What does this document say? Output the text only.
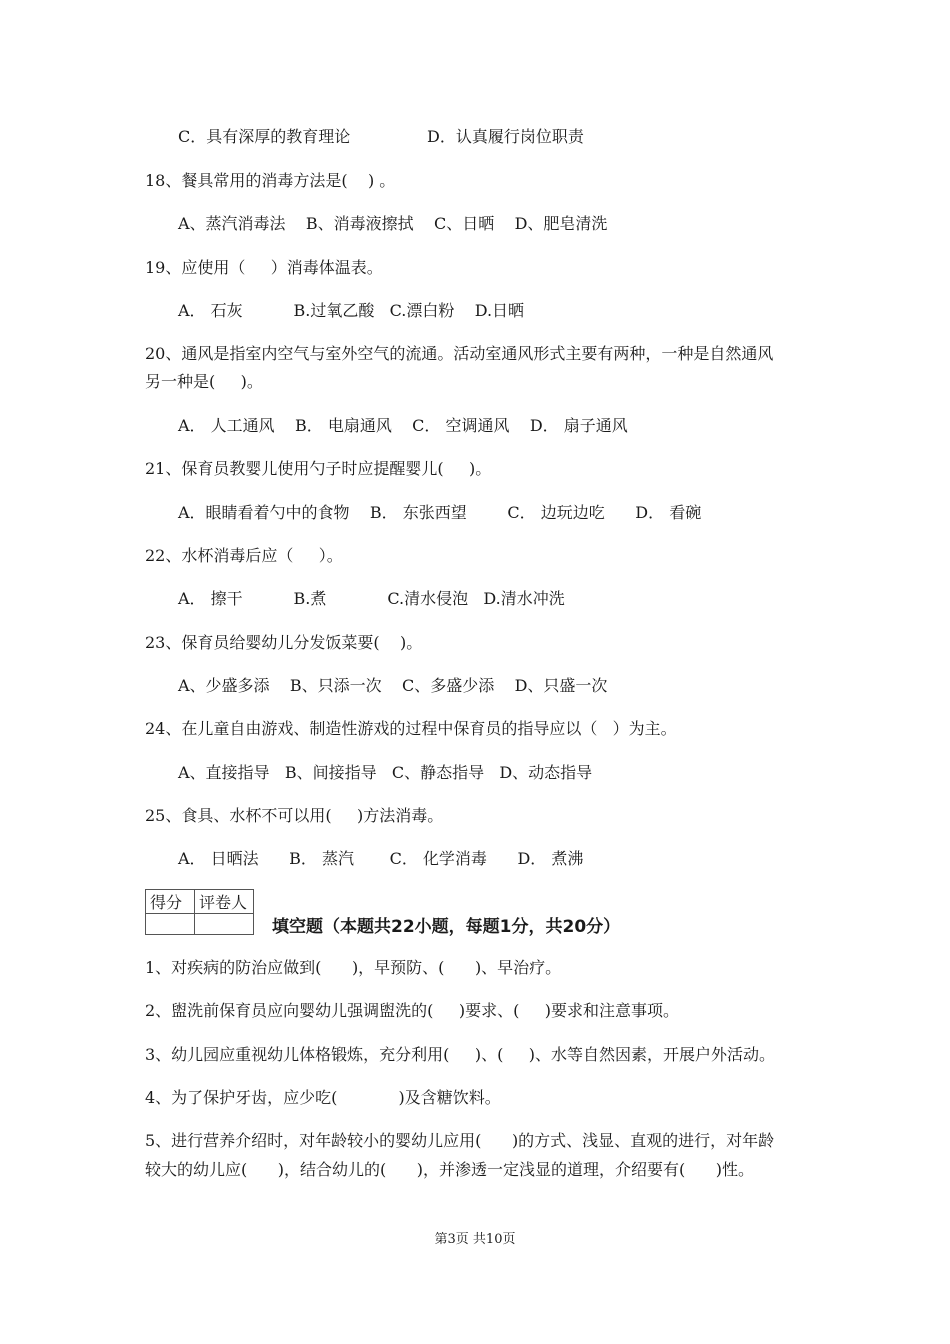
C．具有深厚的教育理论	D．认真履行岗位职责
18、餐具常用的消毒方法是(    ) 。
A、蒸汽消毒法    B、消毒液擦拭    C、日晒    D、肥皂清洗
19、应使用（     ）消毒体温表。
A． 石灰          B.过氧乙酸   C.漂白粉    D.日晒
20、通风是指室内空气与室外空气的流通。活动室通风形式主要有两种，一种是自然通风
另一种是(     )。
A． 人工通风    B． 电扇通风    C． 空调通风    D． 扇子通风
21、保育员教婴儿使用勺子时应提醒婴儿(     )。
A．眼睛看着勺中的食物    B． 东张西望        C． 边玩边吃      D． 看碗
22、水杯消毒后应（     ）。
A． 擦干          B.煮            C.清水侵泡   D.清水冲洗
23、保育员给婴幼儿分发饭菜要(    )。
A、少盛多添    B、只添一次    C、多盛少添    D、只盛一次
24、在儿童自由游戏、制造性游戏的过程中保育员的指导应以（   ）为主。
A、直接指导   B、间接指导   C、静态指导   D、动态指导
25、食具、水杯不可以用(     )方法消毒。
A． 日晒法      B． 蒸汽       C． 化学消毒      D． 煮沸
得分	评卷人

填空题（本题共22小题，每题1分，共20分）
1、对疾病的防治应做到(      )，早预防、(      )、早治疗。
2、盥洗前保育员应向婴幼儿强调盥洗的(     )要求、(     )要求和注意事项。
3、幼儿园应重视幼儿体格锻炼，充分利用(     )、(     )、水等自然因素，开展户外活动。
4、为了保护牙齿，应少吃(            )及含糖饮料。
5、进行营养介绍时，对年龄较小的婴幼儿应用(      )的方式、浅显、直观的进行，对年龄
较大的幼儿应(      )，结合幼儿的(      )，并渗透一定浅显的道理，介绍要有(      )性。
第3页 共10页
